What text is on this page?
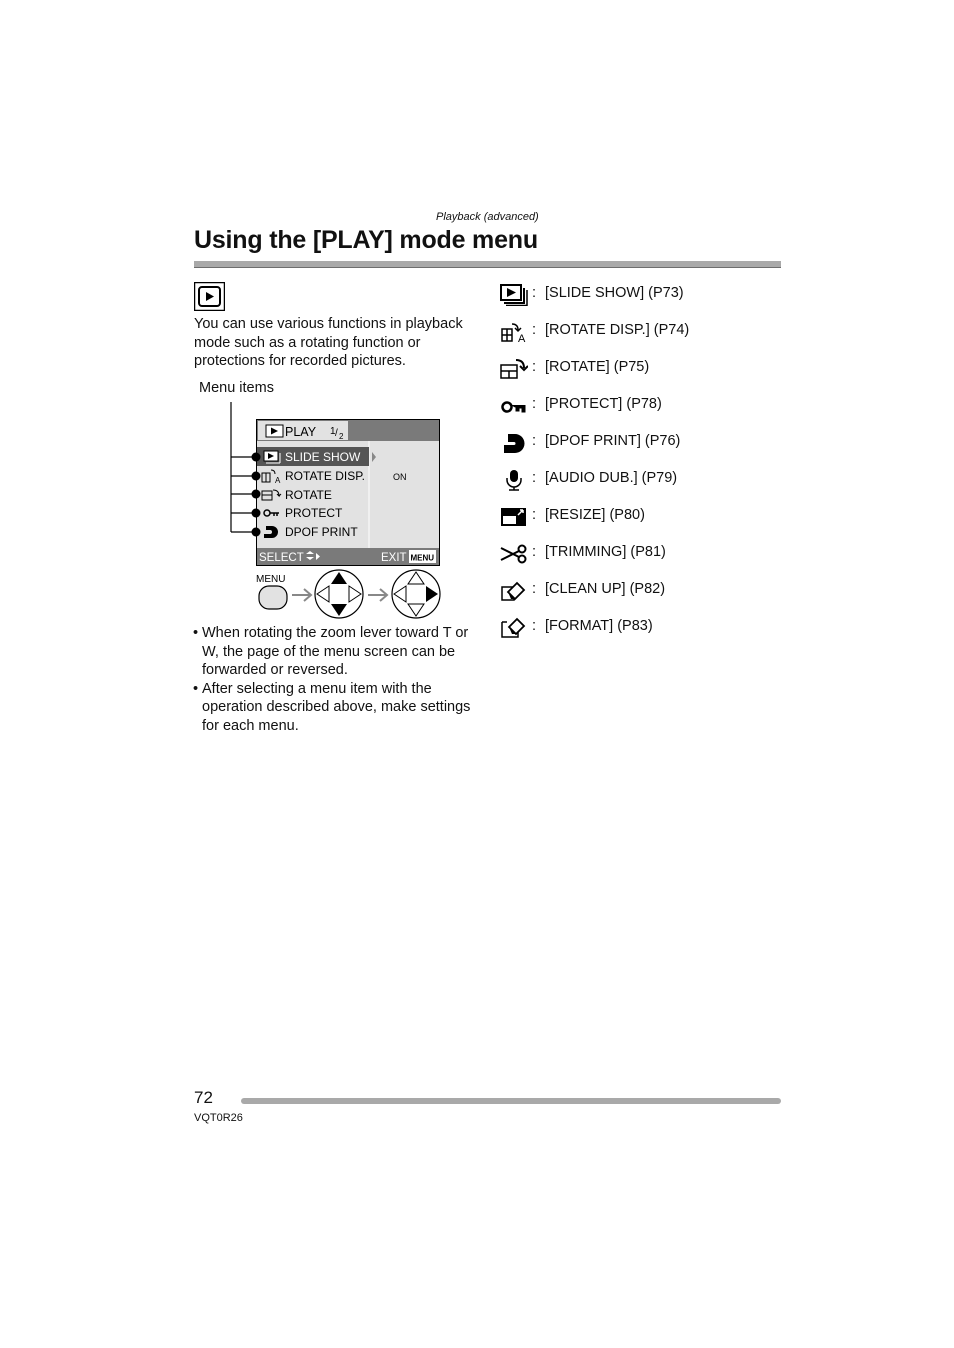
Playback (advanced)
Using the [PLAY] mode menu
You can use various functions in playback mode such as a rotating function or protections for recorded pictures.
Menu items
PLAY 1 / 2
A
SLIDE SHOW
ROTATE DISP.
ROTATE
PROTECT
DPOF PRINT
ON
SELECT	EXIT MENU
MENU
• When rotating the zoom lever toward T or W, the page of the menu screen can be forwarded or reversed.
• After selecting a menu item with the operation described above, make settings for each menu.
: [SLIDE SHOW] (P73)
A
: [ROTATE DISP.] (P74)
: [ROTATE] (P75)
: [PROTECT] (P78)
: [DPOF PRINT] (P76)
: [AUDIO DUB.] (P79)
: [RESIZE] (P80)
: [TRIMMING] (P81)
: [CLEAN UP] (P82)
: [FORMAT] (P83)
72
VQT0R26
